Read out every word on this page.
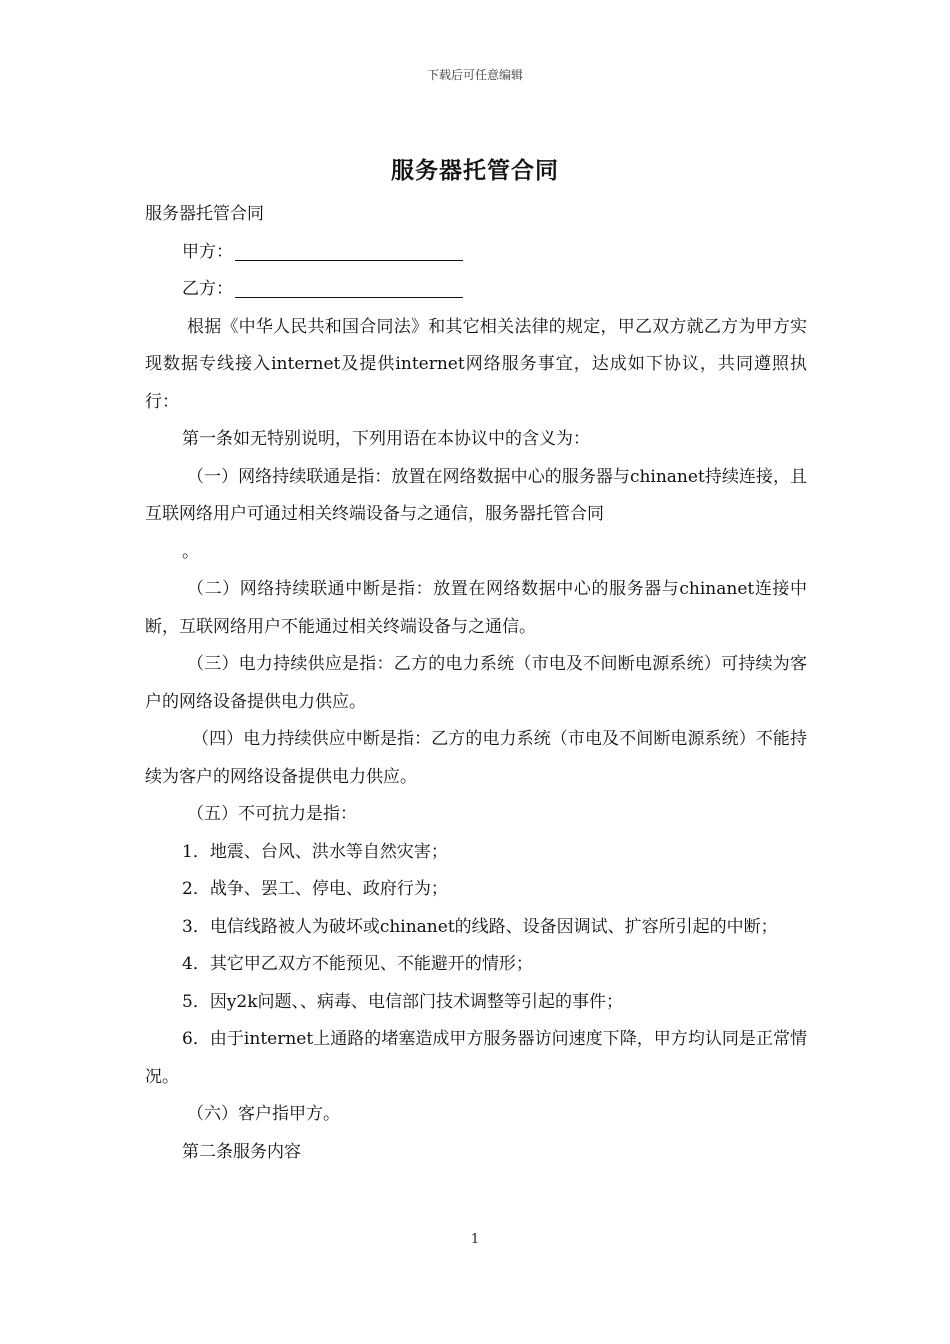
下载后可任意编辑
服务器托管合同

服务器托管合同

甲方：

乙方：

根据《中华人民共和国合同法》和其它相关法律的规定，甲乙双方就乙方为甲方实现数据专线接入internet及提供internet网络服务事宜，达成如下协议，共同遵照执行：

第一条如无特别说明，下列用语在本协议中的含义为：

（一）网络持续联通是指：放置在网络数据中心的服务器与chinanet持续连接，且互联网络用户可通过相关终端设备与之通信，服务器托管合同

。

（二）网络持续联通中断是指：放置在网络数据中心的服务器与chinanet连接中断，互联网络用户不能通过相关终端设备与之通信。

（三）电力持续供应是指：乙方的电力系统（市电及不间断电源系统）可持续为客户的网络设备提供电力供应。

（四）电力持续供应中断是指：乙方的电力系统（市电及不间断电源系统）不能持续为客户的网络设备提供电力供应。

（五）不可抗力是指：

1．地震、台风、洪水等自然灾害；

2．战争、罢工、停电、政府行为；

3．电信线路被人为破坏或chinanet的线路、设备因调试、扩容所引起的中断；

4．其它甲乙双方不能预见、不能避开的情形；

5．因y2k问题、、病毒、电信部门技术调整等引起的事件；

6．由于internet上通路的堵塞造成甲方服务器访问速度下降，甲方均认同是正常情况。

（六）客户指甲方。

第二条服务内容

1
